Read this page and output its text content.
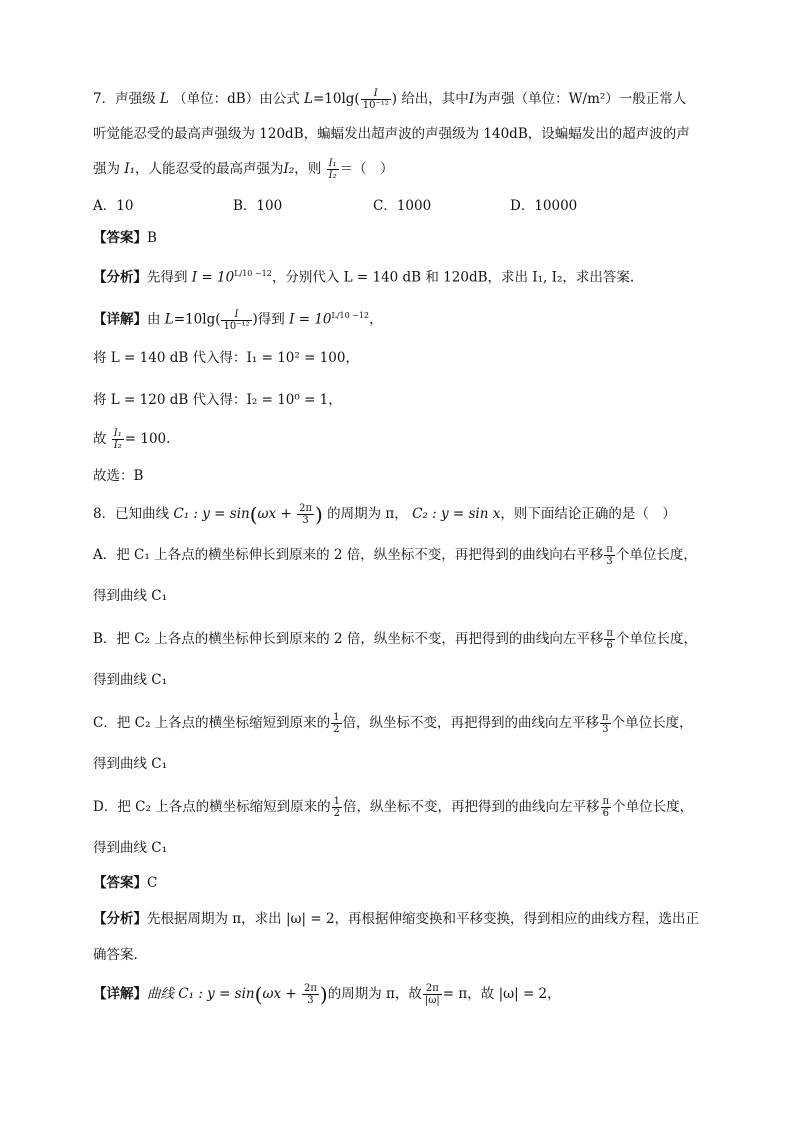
7．声强级 L （单位：dB）由公式 $L=10\lg( \frac{I}{\text{10⁻¹²}}$ ) 给出，其中I为声强（单位：W/m²）一般正常人
听觉能忍受的最高声强级为 120dB，蝙蝠发出超声波的声强级为 140dB，设蝙蝠发出的超声波的声
强为 I₁，人能忍受的最高声强为I₂，则 $\frac{\text{I₁}}{\text{I₂}}$ ＝（　）
A．10	B．100	C．1000	D．10000
【答案】B
【分析】先得到 $I = 10^{L/10 -12}$，分别代入 L = 140 dB 和 120dB，求出 I₁, I₂，求出答案.
【详解】由 $L=10\lg( \frac{I}{\text{10⁻¹²}}$ )得到 $I = 10^{L/10 -12}$，
将 L = 140 dB 代入得：I₁ = 10² = 100，
将 L = 120 dB 代入得：I₂ = 10⁰ = 1，
故 $\frac{\text{I₁}}{\text{I₂}} = 100$.
故选：B
8．已知曲线 C₁ : $y = \sin(\omega x + \frac{2\pi}{3}$ ) 的周期为 π， C₂ : y = sin x，则下面结论正确的是（　）
A．把 C₁ 上各点的横坐标伸长到原来的 2 倍，纵坐标不变，再把得到的曲线向右平移 $\frac{\pi}{3}$ 个单位长度，
得到曲线 C₁
B．把 C₂ 上各点的横坐标伸长到原来的 2 倍，纵坐标不变，再把得到的曲线向左平移 $\frac{\pi}{6}$ 个单位长度，
得到曲线 C₁
C．把 C₂ 上各点的横坐标缩短到原来的 $\frac{1}{2}$ 倍，纵坐标不变，再把得到的曲线向左平移 $\frac{\pi}{3}$ 个单位长度，
得到曲线 C₁
D．把 C₂ 上各点的横坐标缩短到原来的 $\frac{1}{2}$ 倍，纵坐标不变，再把得到的曲线向左平移 $\frac{\pi}{6}$ 个单位长度，
得到曲线 C₁
【答案】C
【分析】先根据周期为 π，求出 |ω| = 2，再根据伸缩变换和平移变换，得到相应的曲线方程，选出正
确答案.
【详解】曲线 C₁ : $y = \sin(\omega x + \frac{2\pi}{3}$ )的周期为 π，故 $\frac{2\pi}{|\omega|} = \pi$，故 |ω| = 2，
